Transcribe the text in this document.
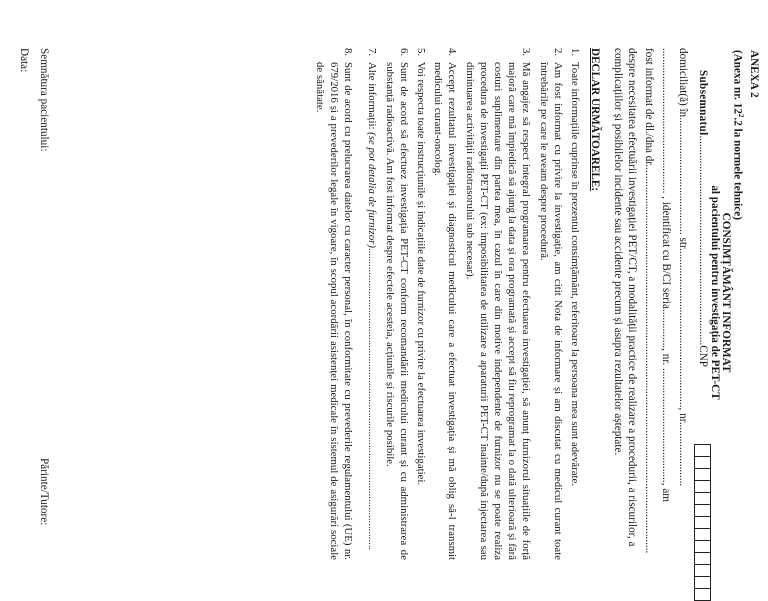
ANEXA 2
(Anexa nr. $12^2.2$ la normele tehnice)
CONSIMȚĂMÂNT INFORMAT
al pacientului pentru investigația de PET-CT
Subsemnatul...........................................................................CNP
domiciliat(ă) în.......................................... str........................................................., nr.......................
.................................................... , identificat cu B/CI seria.............., nr. ........................................., am
fost informat de dl./dna dr...........................................................................................................................................
despre necesitatea efectuării investigației PET/CT, a modalității practice de realizare a procedurii, a riscurilor, a
complicațiilor și posibilelor incidente sau accidente precum și asupra rezultatelor așteptate.
DECLAR URMĂTOARELE:
1.
Toate informațiile cuprinse în prezentul consimțământ, referitoare la persoana mea sunt adevărate.
2.
Am fost informat cu privire la investigație, am citit Nota de informare și am discutat cu medicul curant toate întrebările pe care le aveam despre procedură.
3.
Mă angajez să respect integral programarea pentru efectuarea investigației, să anunț furnizorul situațiile de forță majoră care mă împiedică să ajung la data și ora programată și accept să fiu reprogramat la o dată ulterioară și fără costuri suplimentare din partea mea, în cazul în care din motive independente de furnizor nu se poate realiza procedura de investigații PET-CT (ex: imposibilitatea de utilizare a aparaturii PET-CT înainte/după injectarea sau diminuarea activității radiotrasorului sub necesar).
4.
Accept rezultatul investigației și diagnosticul medicului care a efectuat investigația și mă oblig să-l transmit medicului curant-oncolog.
5.
Voi respecta toate instrucțiunile și indicațiile date de furnizor cu privire la efectuarea investigației.
6.
Sunt de acord să efectuez investigația PET-CT conform recomandării medicului curant și cu administrarea de substanță radioactivă. Am fost informat despre efectele acesteia, acțiunile și riscurile posibile.
7.
Alte informații: (se pot detalia de furnizor)................................................................................................................
8.
Sunt de acord cu prelucrarea datelor cu caracter personal, în conformitate cu prevederile regulamentului (UE) nr. 679/2016 și a prevederilor legale în vigoare, în scopul acordării asistenței medicale în sistemul de asigurări sociale de sănătate.
Semnătura pacientului:
Data:
Părinte/Tutore:
